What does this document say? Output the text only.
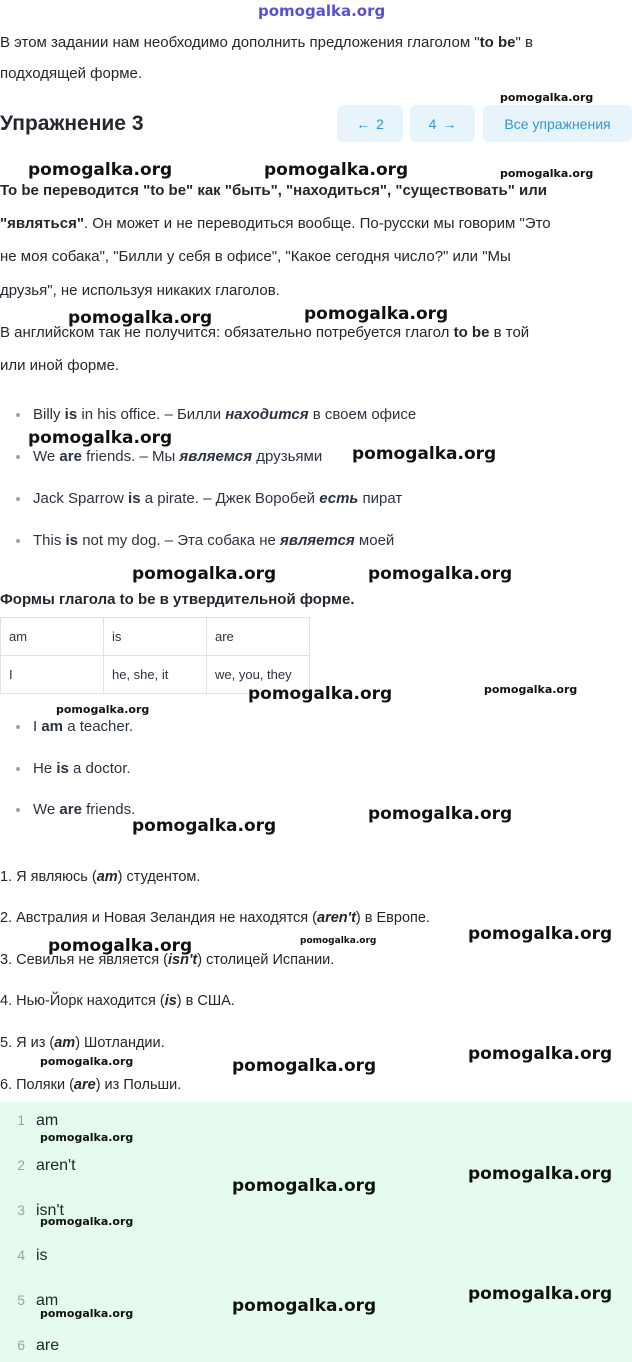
pomogalka.org
В этом задании нам необходимо дополнить предложения глаголом "to be" в
подходящей форме.
Упражнение 3	← 2	4 →	Все упражнения
To be переводится "to be" как "быть", "находиться", "существовать" или
"являться". Он может и не переводиться вообще. По-русски мы говорим "Это
не моя собака", "Билли у себя в офисе", "Какое сегодня число?" или "Мы
друзья", не используя никаких глаголов.
В английском так не получится: обязательно потребуется глагол to be в той
или иной форме.
Billy is in his office. – Билли находится в своем офисе
We are friends. – Мы являемся друзьями
Jack Sparrow is a pirate. – Джек Воробей есть пират
This is not my dog. – Эта собака не является моей
Формы глагола to be в утвердительной форме.
am	is	are
I	he, she, it	we, you, they
I am a teacher.
He is a doctor.
We are friends.
1. Я являюсь (am) студентом.
2. Австралия и Новая Зеландия не находятся (aren't) в Европе.
3. Севилья не является (isn't) столицей Испании.
4. Нью-Йорк находится (is) в США.
5. Я из (am) Шотландии.
6. Поляки (are) из Польши.
1 am
2 aren't
3 isn't
4 is
5 am
6 are
pomogalka.org
pomogalka.org	pomogalka.org	pomogalka.org
pomogalka.org	pomogalka.org
pomogalka.org
pomogalka.org
pomogalka.org	pomogalka.org
pomogalka.org	pomogalka.org
pomogalka.org
pomogalka.org
pomogalka.org
pomogalka.org	pomogalka.org	pomogalka.org
pomogalka.org	pomogalka.org
pomogalka.org
pomogalka.org
pomogalka.org
pomogalka.org
pomogalka.org
pomogalka.org
pomogalka.org
pomogalka.org
